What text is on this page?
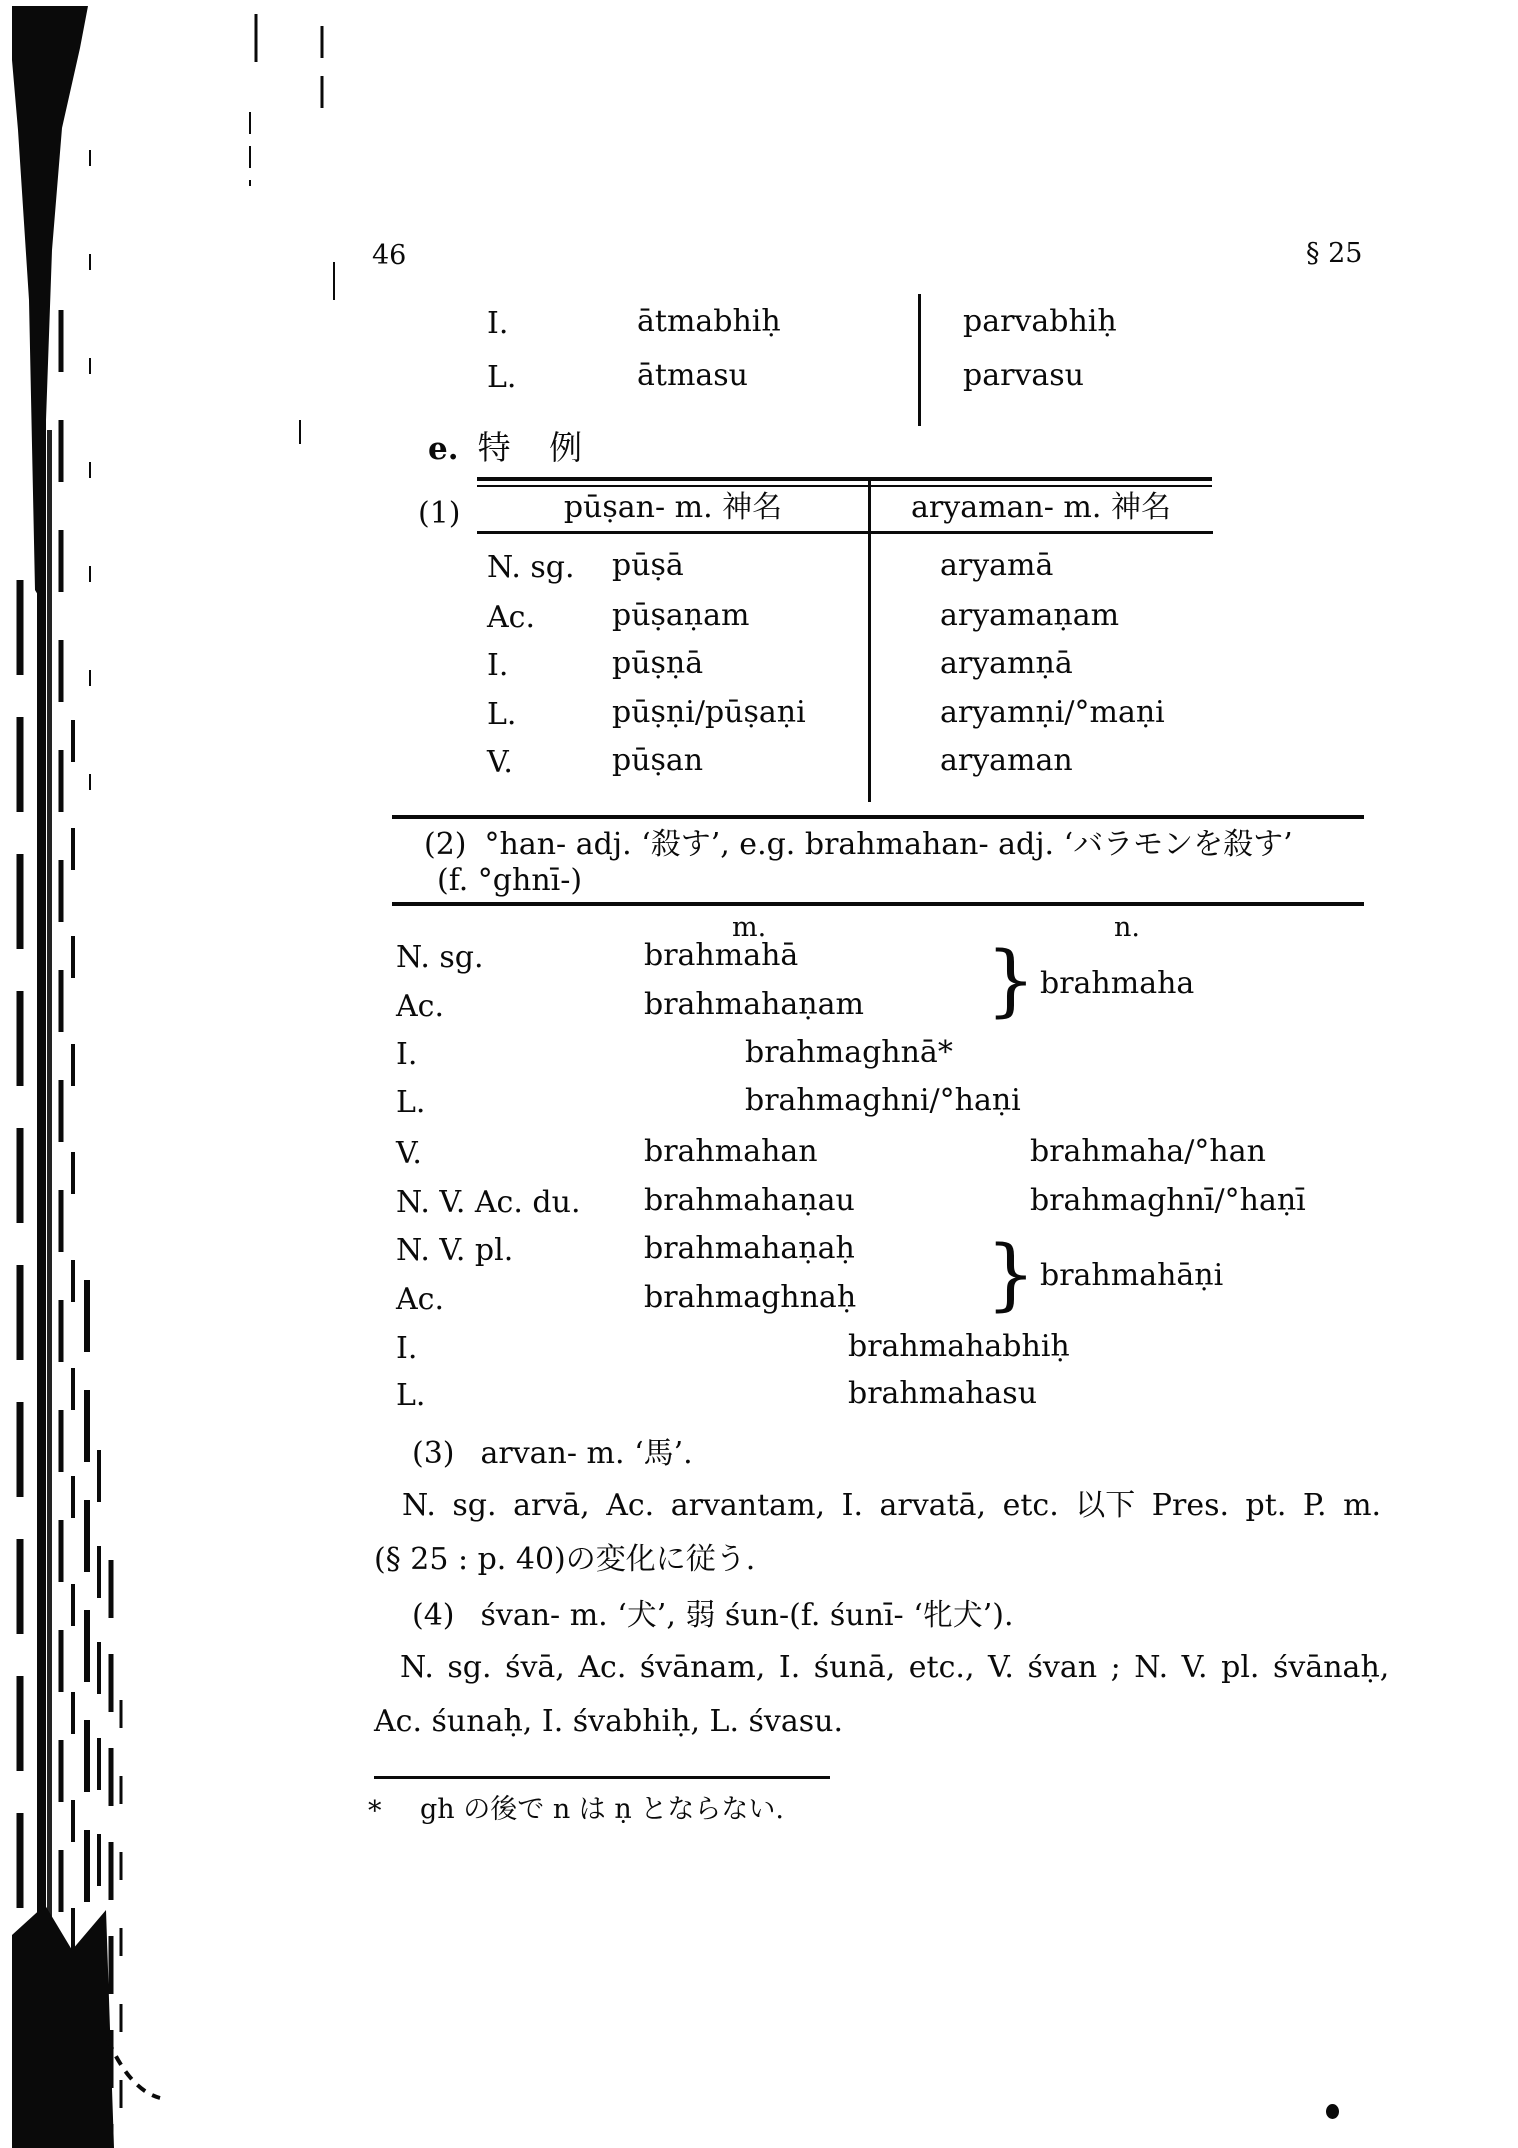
46	§ 25
I.	ātmabhiḥ	parvabhiḥ
L.	ātmasu	parvasu
e. 特 例
(1)	pūṣan- m. 神名	aryaman- m. 神名
N. sg. pūṣā	aryamā
Ac.	pūṣaṇam	aryamaṇam
I.	pūṣṇā	aryamṇā
L.	pūṣṇi/pūṣaṇi	aryamṇi/°maṇi
V.	pūṣan	aryaman
(2) °han- adj. ‘殺す’, e.g. brahmahan- adj. ‘バラモンを殺す’
(f. °ghnī-)
m.	n.
N. sg.	brahmahā
Ac.	brahmahaṇam } brahmaha
I.	brahmaghnā*
L.	brahmaghni/°haṇi
V.	brahmahan	brahmaha/°han
N. V. Ac. du. brahmahaṇau	brahmaghnī/°haṇī
N. V. pl.	brahmahaṇaḥ
Ac.	brahmaghnaḥ } brahmahāṇi
I.	brahmahabhiḥ
L.	brahmahasu
(3) arvan- m. ‘馬’.
N. sg. arvā, Ac. arvantam, I. arvatā, etc. 以下 Pres. pt. P. m.
(§ 25 : p. 40)の変化に従う.
(4) śvan- m. ‘犬’, 弱 śun-(f. śunī- ‘牝犬’).
N. sg. śvā, Ac. śvānam, I. śunā, etc., V. śvan ; N. V. pl. śvānaḥ,
Ac. śunaḥ, I. śvabhiḥ, L. śvasu.
* gh の後で n は ṇ とならない.
